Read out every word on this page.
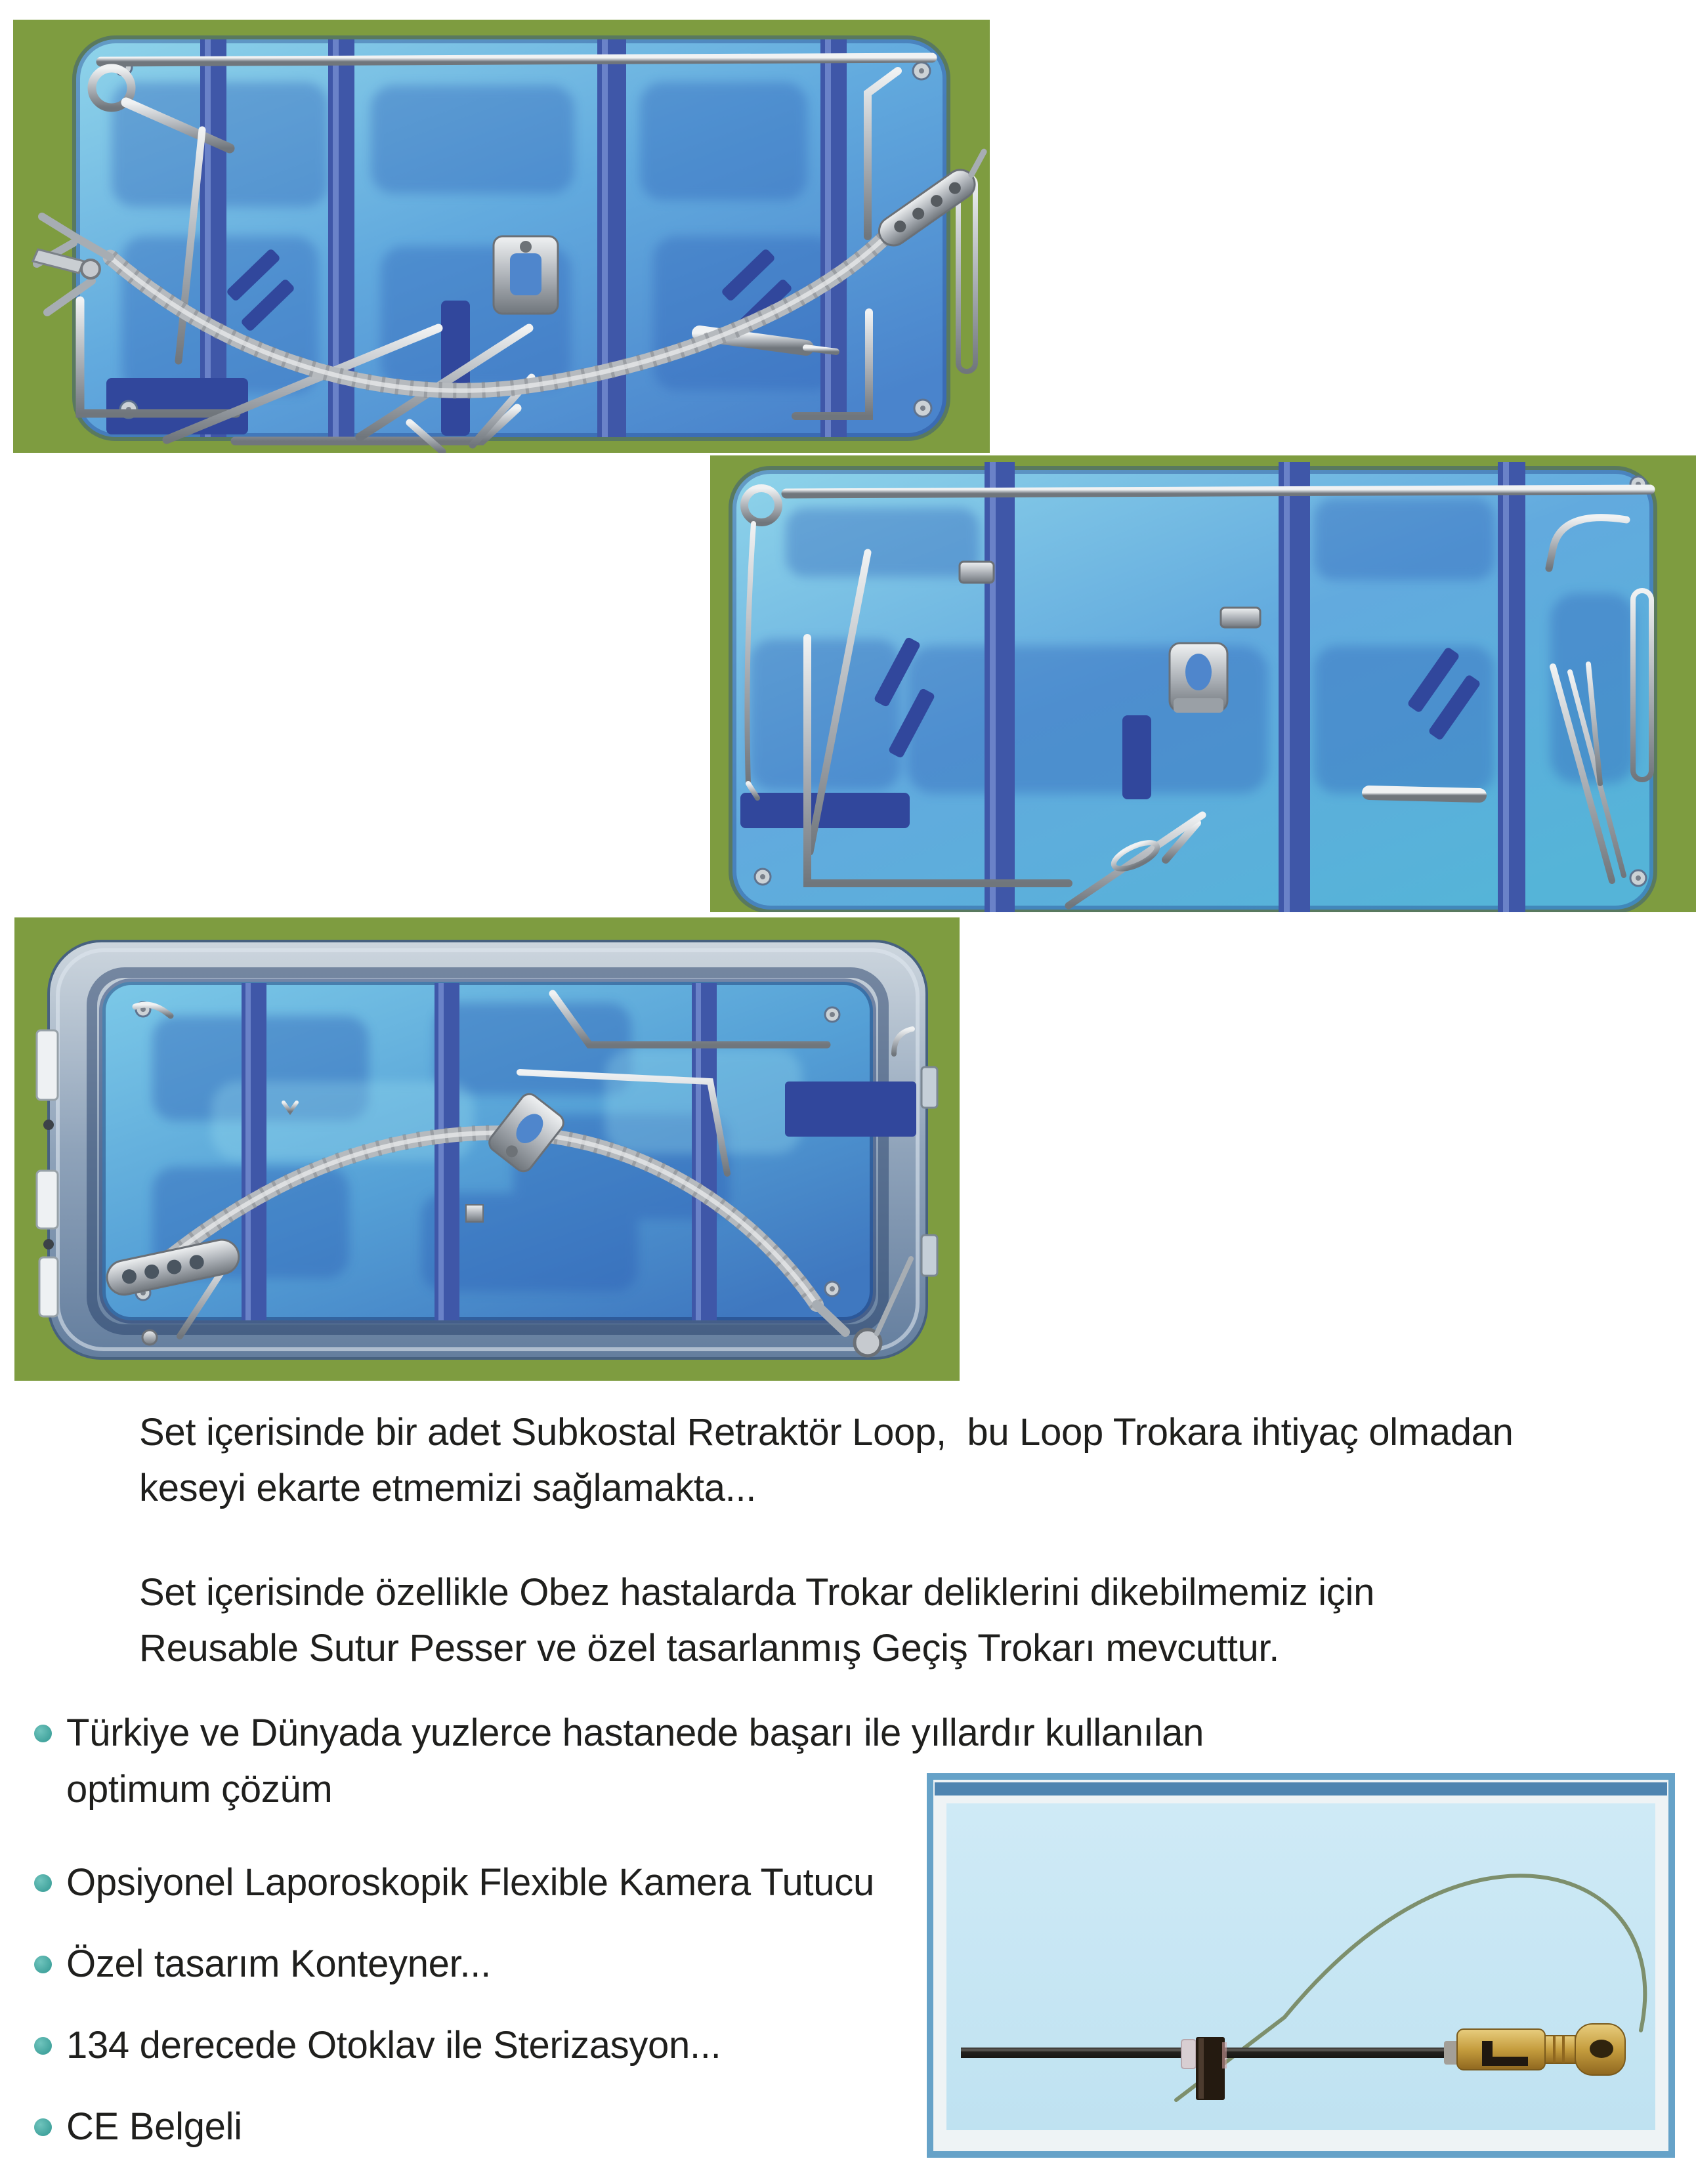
Set içerisinde bir adet Subkostal Retraktör Loop,  bu Loop Trokara ihtiyaç olmadan
keseyi ekarte etmemizi sağlamakta...
Set içerisinde özellikle Obez hastalarda Trokar deliklerini dikebilmemiz için
Reusable Sutur Pesser ve özel tasarlanmış Geçiş Trokarı mevcuttur.
Türkiye ve Dünyada yuzlerce hastanede başarı ile yıllardır kullanılan
optimum çözüm
Opsiyonel Laporoskopik Flexible Kamera Tutucu
Özel tasarım Konteyner...
134 derecede Otoklav ile Sterizasyon...
CE Belgeli
